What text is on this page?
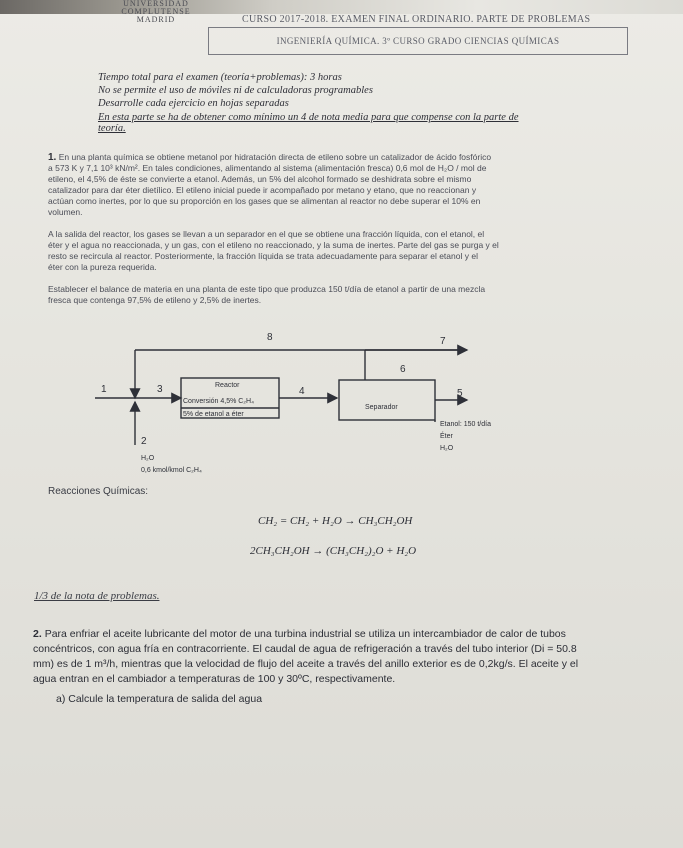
UNIVERSIDAD
COMPLUTENSE
MADRID	CURSO 2017-2018. EXAMEN FINAL ORDINARIO. PARTE DE PROBLEMAS
INGENIERÍA QUÍMICA. 3º CURSO GRADO CIENCIAS QUÍMICAS
Tiempo total para el examen (teoría+problemas): 3 horas
No se permite el uso de móviles ni de calculadoras programables
Desarrolle cada ejercicio en hojas separadas
En esta parte se ha de obtener como mínimo un 4 de nota media para que compense con la parte de
teoría.
1. En una planta química se obtiene metanol por hidratación directa de etileno sobre un catalizador de ácido fosfórico
a 573 K y 7,1 10³ kN/m². En tales condiciones, alimentando al sistema (alimentación fresca) 0,6 mol de H₂O / mol de
etileno, el 4,5% de éste se convierte a etanol. Además, un 5% del alcohol formado se deshidrata sobre el mismo
catalizador para dar éter dietílico. El etileno inicial puede ir acompañado por metano y etano, que no reaccionan y
actúan como inertes, por lo que su proporción en los gases que se alimentan al reactor no debe superar el 10% en
volumen.
A la salida del reactor, los gases se llevan a un separador en el que se obtiene una fracción líquida, con el etanol, el
éter y el agua no reaccionada, y un gas, con el etileno no reaccionado, y la suma de inertes. Parte del gas se purga y el
resto se recircula al reactor. Posteriormente, la fracción líquida se trata adecuadamente para separar el etanol y el
éter con la pureza requerida.
Establecer el balance de materia en una planta de este tipo que produzca 150 t/día de etanol a partir de una mezcla
fresca que contenga 97,5% de etileno y 2,5% de inertes.
8	7
6
1	3	4	5
2
Reactor
Conversión 4,5% C₂H₄
5% de etanol a éter
Separador
H₂O
0,6 kmol/kmol C₂H₄
Etanol: 150 t/día
Éter
H₂O
Reacciones Químicas:
CH₂ = CH₂ + H₂O → CH₃CH₂OH
2CH₃CH₂OH → (CH₃CH₂)₂O + H₂O
1/3 de la nota de problemas.
2. Para enfriar el aceite lubricante del motor de una turbina industrial se utiliza un intercambiador de calor de tubos
concéntricos, con agua fría en contracorriente. El caudal de agua de refrigeración a través del tubo interior (Di = 50.8
mm) es de 1 m³/h, mientras que la velocidad de flujo del aceite a través del anillo exterior es de 0,2kg/s. El aceite y el
agua entran en el cambiador a temperaturas de 100 y 30ºC, respectivamente.
a) Calcule la temperatura de salida del agua
